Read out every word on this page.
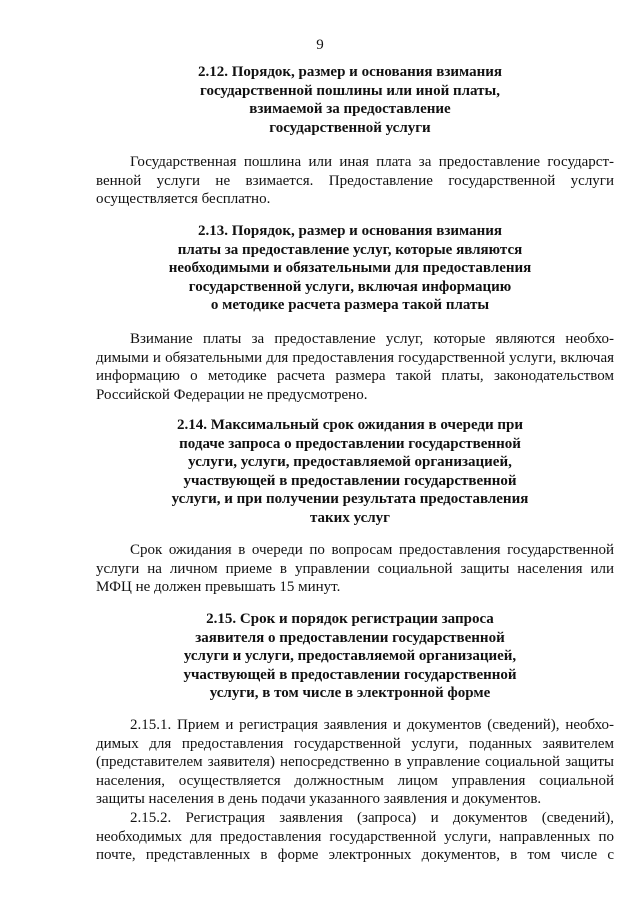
9
2.12. Порядок, размер и основания взимания
государственной пошлины или иной платы,
взимаемой за предоставление
государственной услуги
Государственная пошлина или иная плата за предоставление государст-
венной услуги не взимается. Предоставление государственной услуги
осуществляется бесплатно.
2.13. Порядок, размер и основания взимания
платы за предоставление услуг, которые являются
необходимыми и обязательными для предоставления
государственной услуги, включая информацию
о методике расчета размера такой платы
Взимание платы за предоставление услуг, которые являются необхо-
димыми и обязательными для предоставления государственной услуги, включая
информацию о методике расчета размера такой платы, законодательством
Российской Федерации не предусмотрено.
2.14. Максимальный срок ожидания в очереди при
подаче запроса о предоставлении государственной
услуги, услуги, предоставляемой организацией,
участвующей в предоставлении государственной
услуги, и при получении результата предоставления
таких услуг
Срок ожидания в очереди по вопросам предоставления государственной
услуги на личном приеме в управлении социальной защиты населения или
МФЦ не должен превышать 15 минут.
2.15. Срок и порядок регистрации запроса
заявителя о предоставлении государственной
услуги и услуги, предоставляемой организацией,
участвующей в предоставлении государственной
услуги, в том числе в электронной форме
2.15.1. Прием и регистрация заявления и документов (сведений), необхо-
димых для предоставления государственной услуги, поданных заявителем
(представителем заявителя) непосредственно в управление социальной защиты
населения, осуществляется должностным лицом управления социальной
защиты населения в день подачи указанного заявления и документов.
2.15.2. Регистрация заявления (запроса) и документов (сведений),
необходимых для предоставления государственной услуги, направленных по
почте, представленных в форме электронных документов, в том числе с
